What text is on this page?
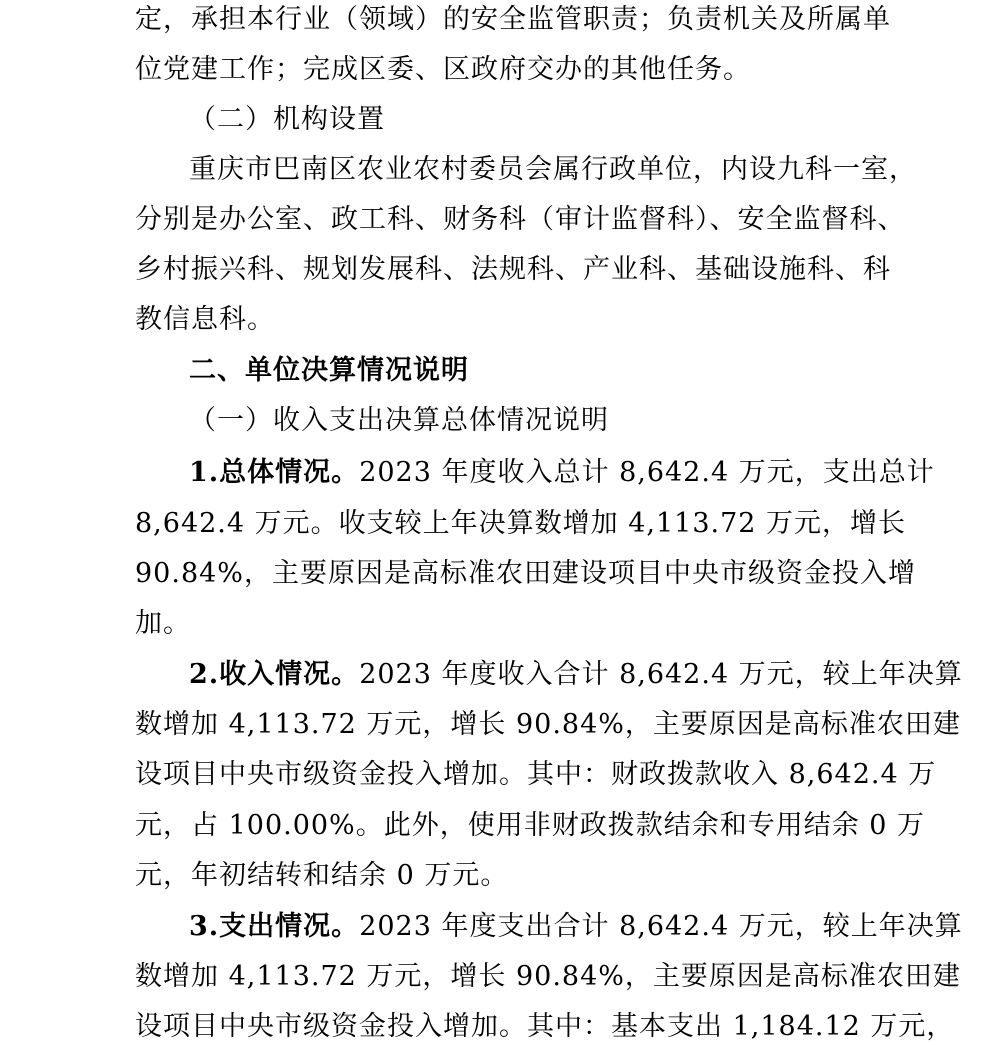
定，承担本行业（领域）的安全监管职责；负责机关及所属单
位党建工作；完成区委、区政府交办的其他任务。
（二）机构设置
重庆市巴南区农业农村委员会属行政单位，内设九科一室，
分别是办公室、政工科、财务科（审计监督科）、安全监督科、
乡村振兴科、规划发展科、法规科、产业科、基础设施科、科
教信息科。
二、单位决算情况说明
（一）收入支出决算总体情况说明
1.总体情况。2023 年度收入总计 8,642.4 万元，支出总计
8,642.4 万元。收支较上年决算数增加 4,113.72 万元，增长
90.84%，主要原因是高标准农田建设项目中央市级资金投入增
加。
2.收入情况。2023 年度收入合计 8,642.4 万元，较上年决算
数增加 4,113.72 万元，增长 90.84%，主要原因是高标准农田建
设项目中央市级资金投入增加。其中：财政拨款收入 8,642.4 万
元，占 100.00%。此外，使用非财政拨款结余和专用结余 0 万
元，年初结转和结余 0 万元。
3.支出情况。2023 年度支出合计 8,642.4 万元，较上年决算
数增加 4,113.72 万元，增长 90.84%，主要原因是高标准农田建
设项目中央市级资金投入增加。其中：基本支出 1,184.12 万元，
